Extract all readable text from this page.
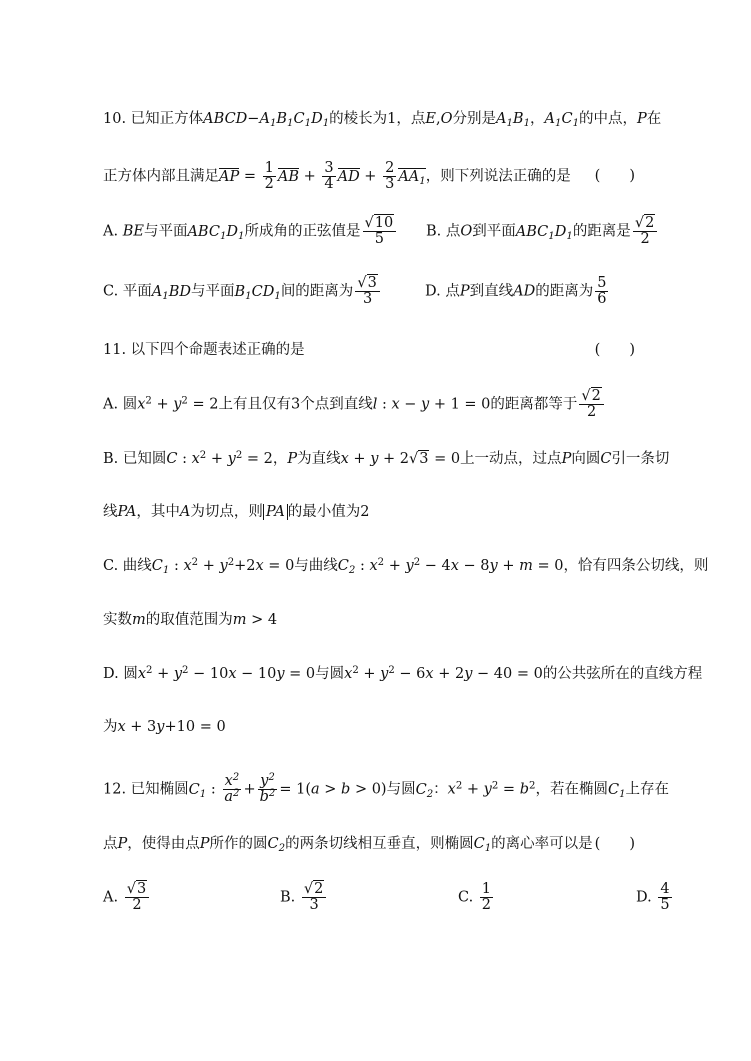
10. 已知正方体$ABCD-A_1B_1C_1D_1$的棱长为1，点E,O分别是$A_1B_1$，$A_1C_1$的中点，P在
正方体内部且满足AP = $\frac{1}{2}$ AB + $\frac{3}{4}$ AD + $\frac{2}{3} AA_1$，则下列说法正确的是 (　　)
A. BE与平面$ABC_1D_1$所成角的正弦值是 $\frac{√10}{5} B$. 点O到平面$ABC_1D_1$的距离是 $\frac{√2}{2}$
C. 平面$A_1BD$与平面$B_1CD_1$间的距离为 $\frac{√3}{3}$	D. 点P到直线AD的距离为 $\frac{5}{6}$
11. 以下四个命题表述正确的是	(　　)
A. 圆$x^2 + y^2 = 2$上有且仅有3个点到直线l : x − y + 1 = 0的距离都等于 $\frac{√2}{2}$
B. 已知圆C : $x^2 + y^2 = 2$，P为直线x + y + 2√3 = 0上一动点，过点P向圆C引一条切
线PA，其中A为切点，则 PA 的最小值为2
C. 曲线$C_1$ : $x^2 + y^2+2x = 0$与曲线$C_2$ : $x^2 + y^2 - 4x - 8y + m = 0$，恰有四条公切线，则
实数m的取值范围为m > 4
D. 圆$x^2 + y^2 - 10x - 10y = 0$与圆$x^2 + y^2 - 6x + 2y - 40 = 0$的公共弦所在的直线方程
为x + 3y+10 = 0
12. 已知椭圆$C_1$ : $\frac{x^2}{a^2} + \frac{y^2}{b^2} = 1(a > b > 0)$与圆$C_2$：$x^2 + y^2 = b^2$，若在椭圆$C_1$上存在
点P，使得由点P所作的圆$C_2$的两条切线相互垂直，则椭圆$C_1$的离心率可以是 (　　)
A. $\frac{√3}{2}$	B. $\frac{√2}{3}$	C. $\frac{1}{2}$	D. $\frac{4}{5}$
